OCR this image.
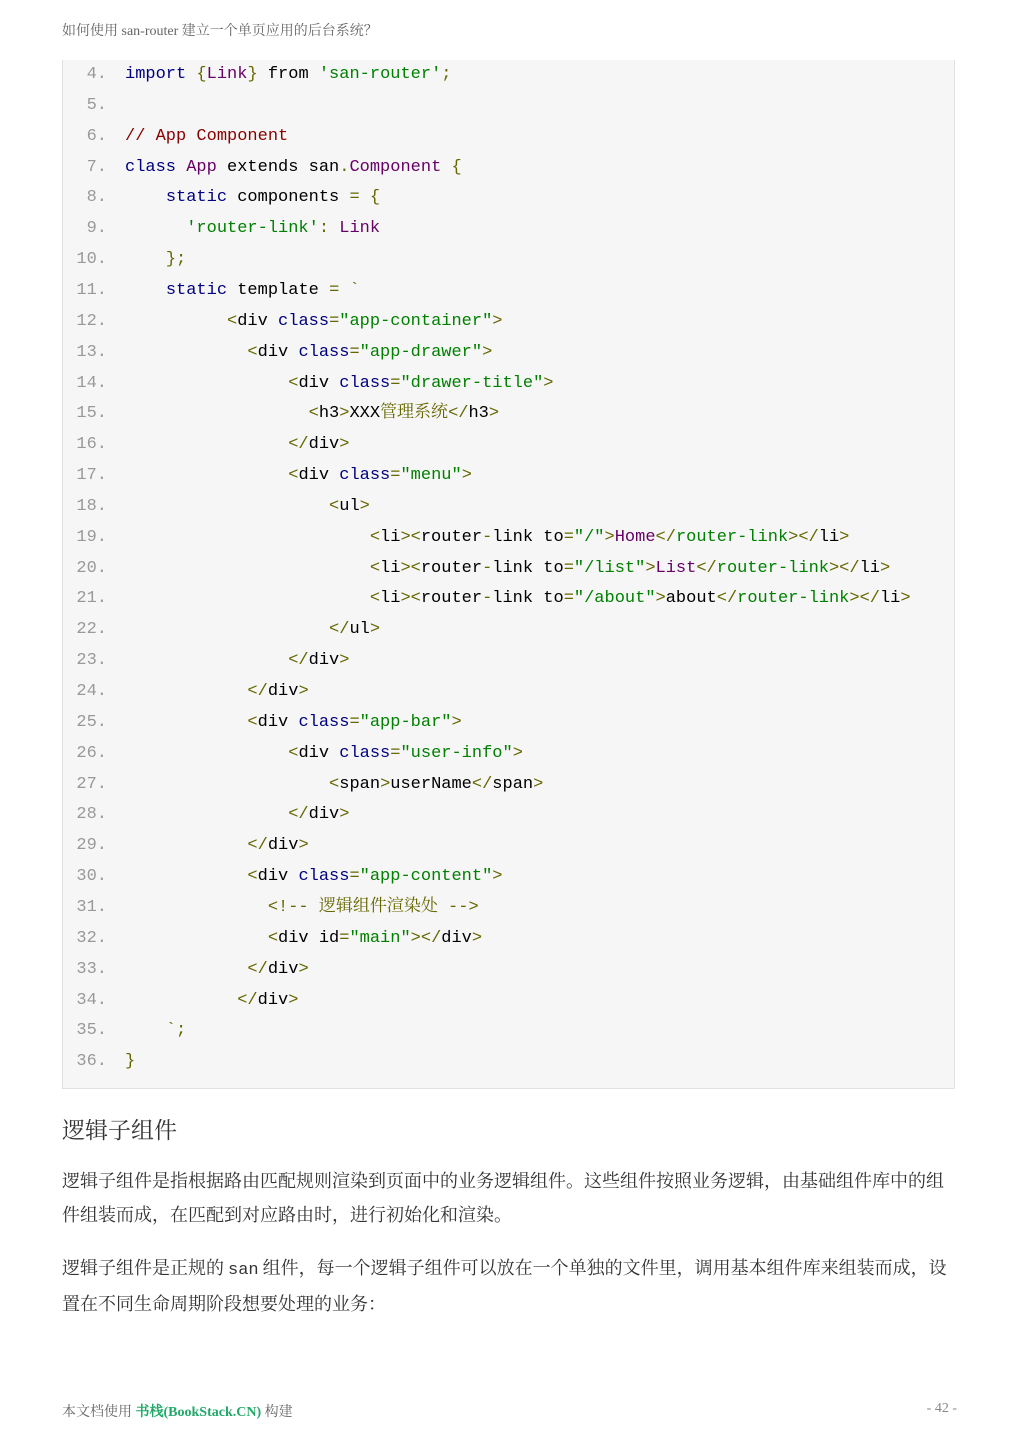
如何使用 san-router 建立一个单页应用的后台系统？
4. import {Link} from 'san-router';
5.
6. // App Component
7. class App extends san.Component {
8.	static components = {
9.	'router-link': Link
10.	};
11.	static template = `
12.	<div class="app-container">
13.	<div class="app-drawer">
14.	<div class="drawer-title">
15.	<h3>XXX管理系统</h3>
16.	</div>
17.	<div class="menu">
18.	<ul>
19.	<li><router-link to="/">Home</router-link></li>
20.	<li><router-link to="/list">List</router-link></li>
21.	<li><router-link to="/about">about</router-link></li>
22.	</ul>
23.	</div>
24.	</div>
25.	<div class="app-bar">
26.	<div class="user-info">
27.	<span>userName</span>
28.	</div>
29.	</div>
30.	<div class="app-content">
31.	<!-- 逻辑组件渲染处 -->
32.	<div id="main"></div>
33.	</div>
34.	</div>
35.	`;
36. }
逻辑子组件

逻辑子组件是指根据路由匹配规则渲染到页面中的业务逻辑组件。这些组件按照业务逻辑，由基础组件库中的组件组装而成，在匹配到对应路由时，进行初始化和渲染。

逻辑子组件是正规的 san 组件，每一个逻辑子组件可以放在一个单独的文件里，调用基本组件库来组装而成，设置在不同生命周期阶段想要处理的业务：

本文档使用 书栈(BookStack.CN) 构建	- 42 -
